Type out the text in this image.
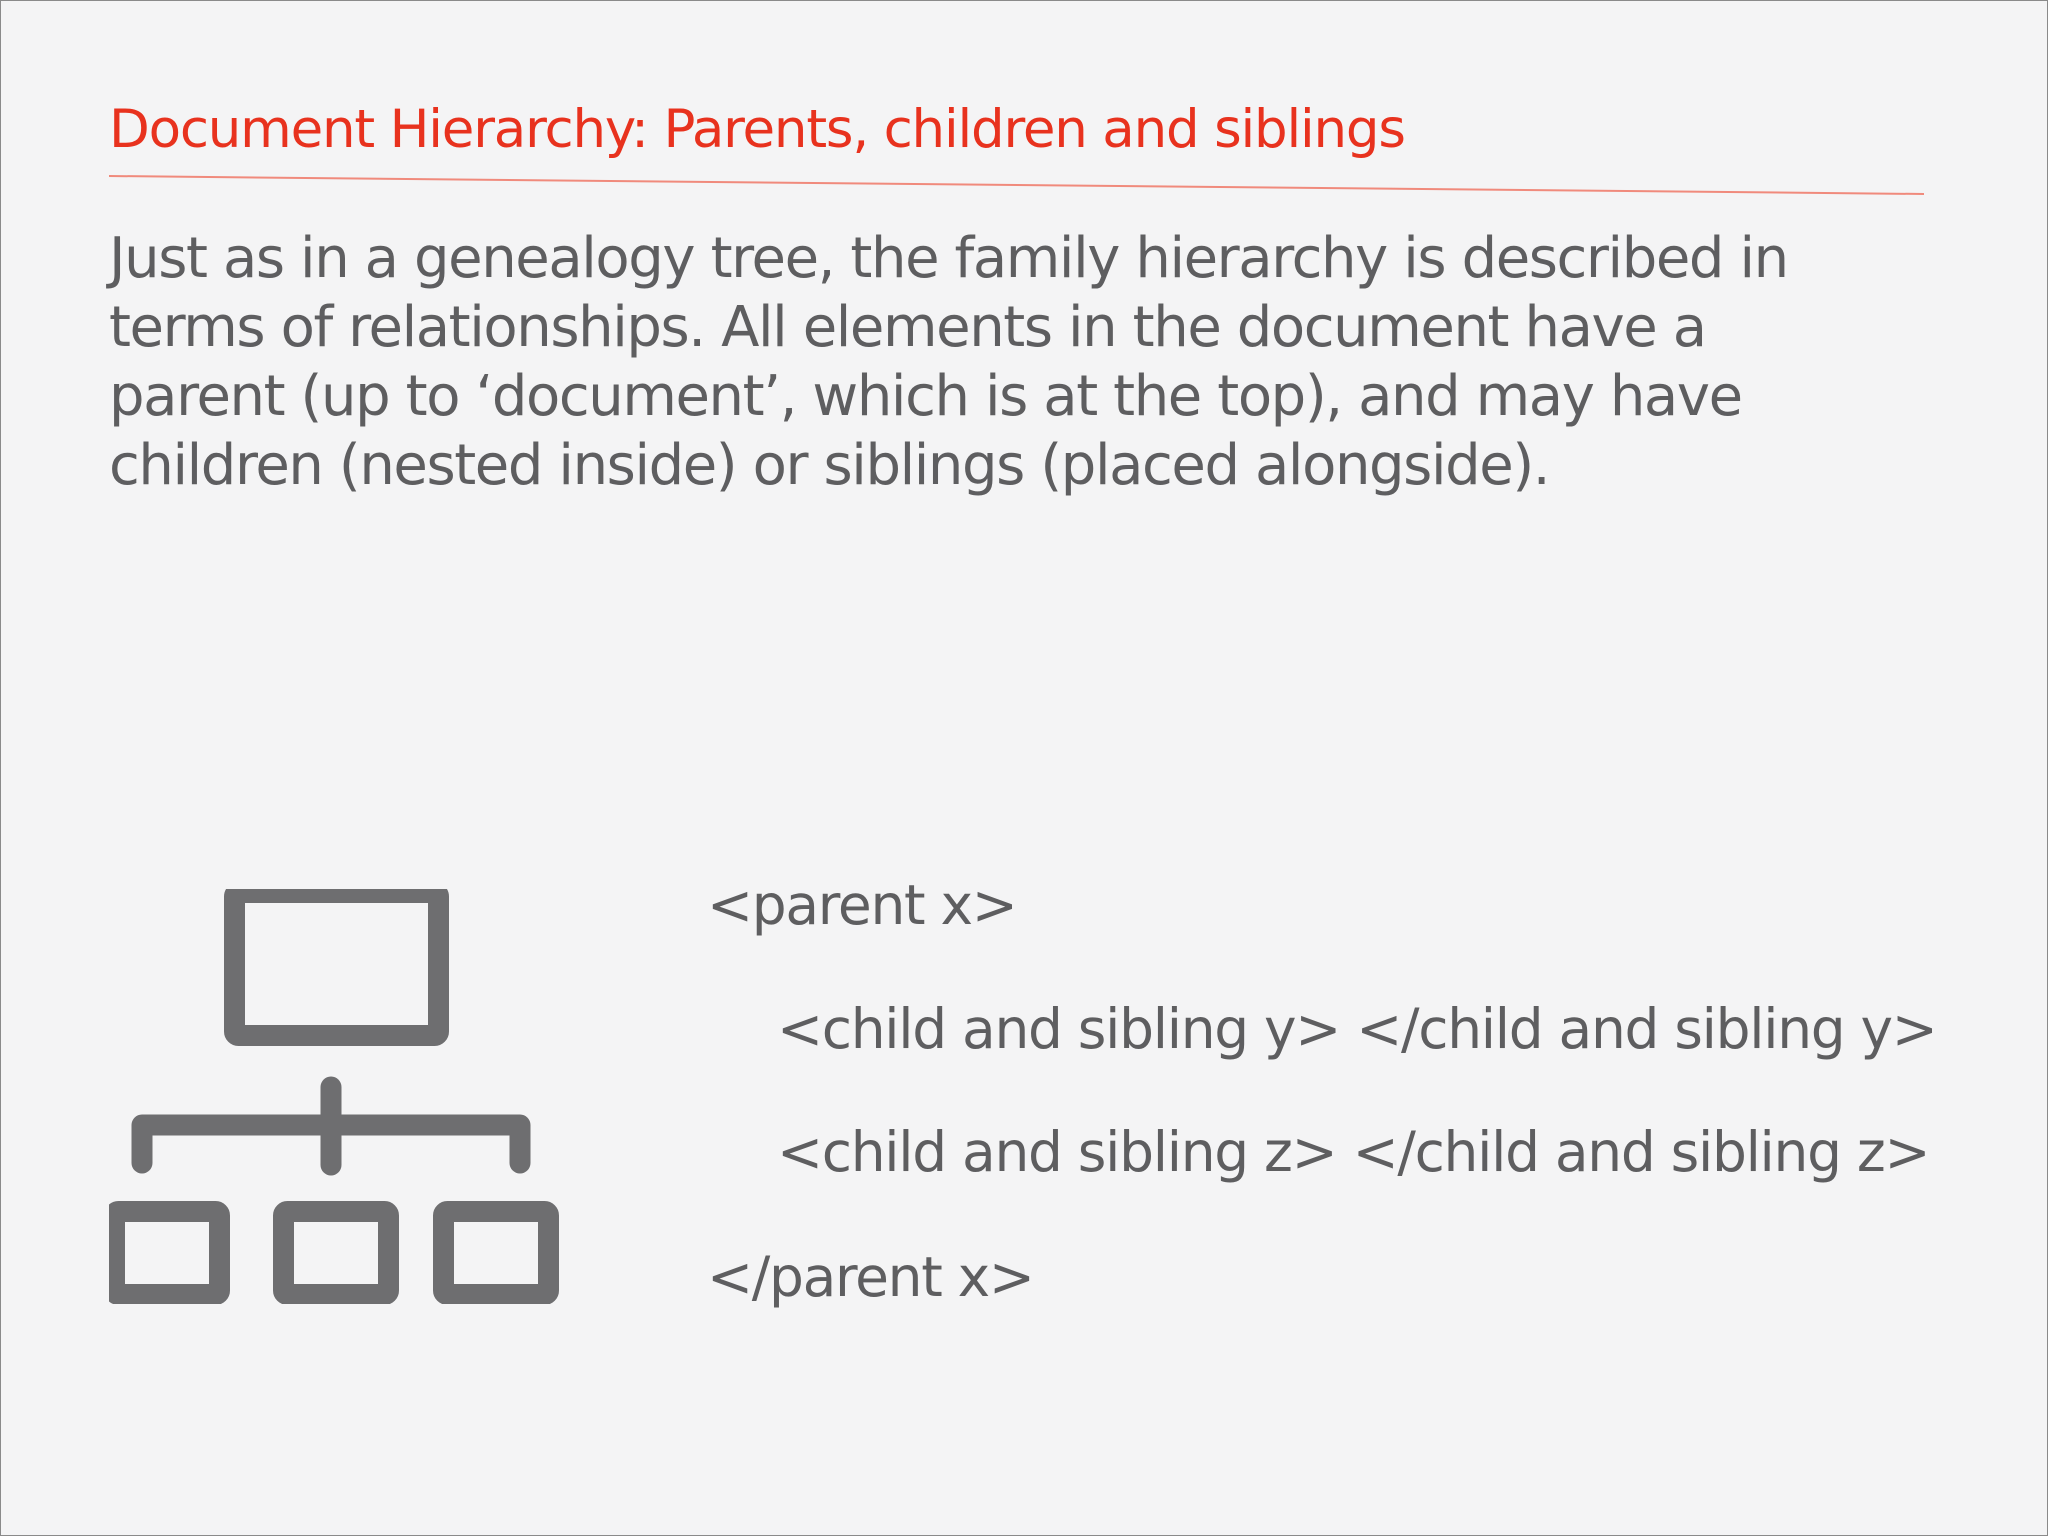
Document Hierarchy: Parents, children and siblings

Just as in a genealogy tree, the family hierarchy is described in
terms of relationships. All elements in the document have a
parent (up to ‘document’, which is at the top), and may have
children (nested inside) or siblings (placed alongside).

<parent x>
<child and sibling y> </child and sibling y>
<child and sibling z> </child and sibling z>
</parent x>
